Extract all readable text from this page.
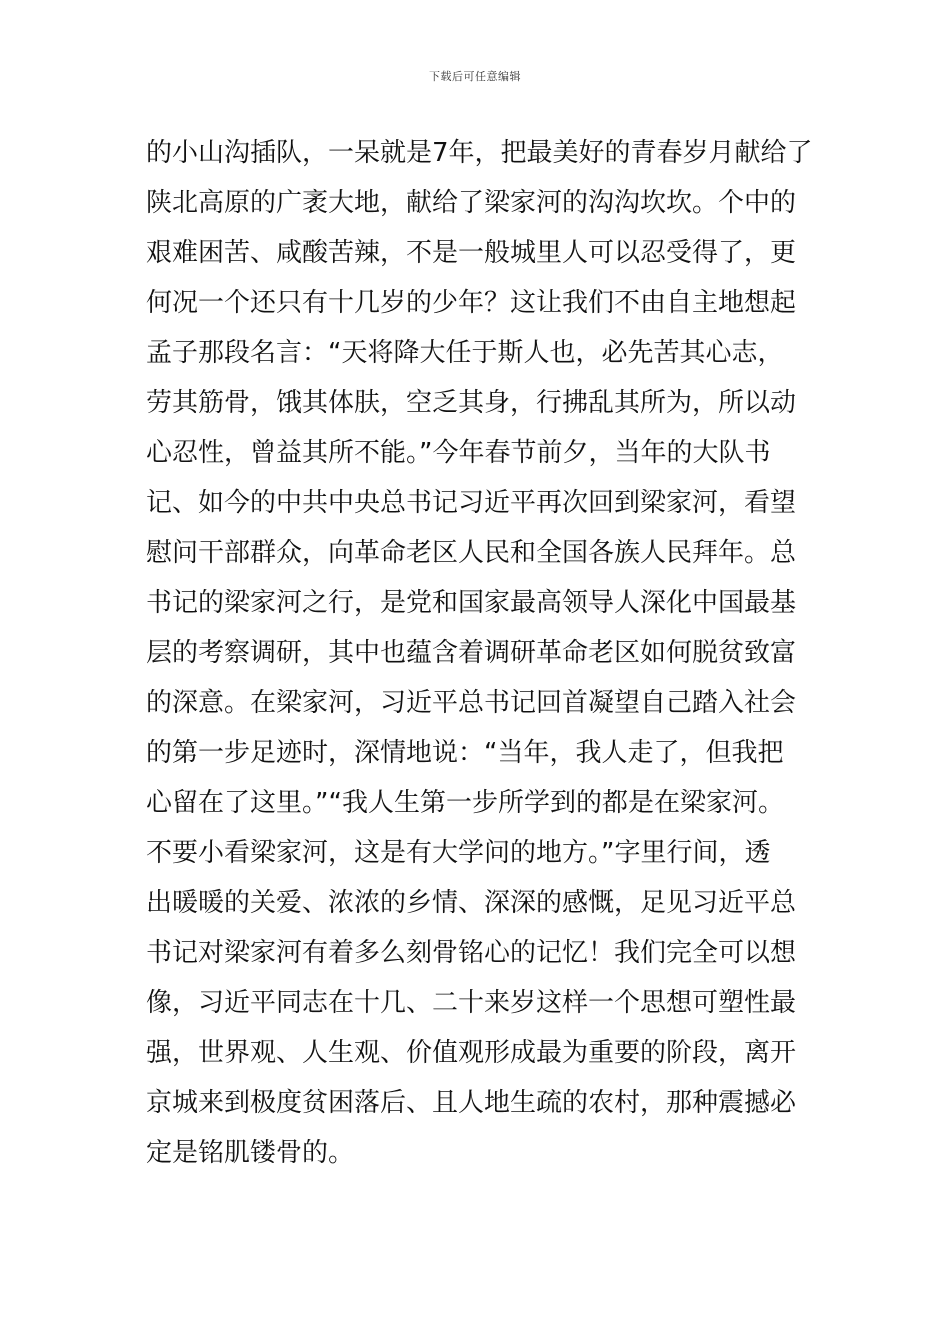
下载后可任意编辑
的小山沟插队，一呆就是7年，把最美好的青春岁月献给了
陕北高原的广袤大地，献给了梁家河的沟沟坎坎。个中的
艰难困苦、咸酸苦辣，不是一般城里人可以忍受得了，更
何况一个还只有十几岁的少年？这让我们不由自主地想起
孟子那段名言：“天将降大任于斯人也，必先苦其心志，
劳其筋骨，饿其体肤，空乏其身，行拂乱其所为，所以动
心忍性，曾益其所不能。”今年春节前夕，当年的大队书
记、如今的中共中央总书记习近平再次回到梁家河，看望
慰问干部群众，向革命老区人民和全国各族人民拜年。总
书记的梁家河之行，是党和国家最高领导人深化中国最基
层的考察调研，其中也蕴含着调研革命老区如何脱贫致富
的深意。在梁家河，习近平总书记回首凝望自己踏入社会
的第一步足迹时，深情地说：“当年，我人走了，但我把
心留在了这里。”“我人生第一步所学到的都是在梁家河。
不要小看梁家河，这是有大学问的地方。”字里行间，透
出暖暖的关爱、浓浓的乡情、深深的感慨，足见习近平总
书记对梁家河有着多么刻骨铭心的记忆！我们完全可以想
像，习近平同志在十几、二十来岁这样一个思想可塑性最
强，世界观、人生观、价值观形成最为重要的阶段，离开
京城来到极度贫困落后、且人地生疏的农村，那种震撼必
定是铭肌镂骨的。
